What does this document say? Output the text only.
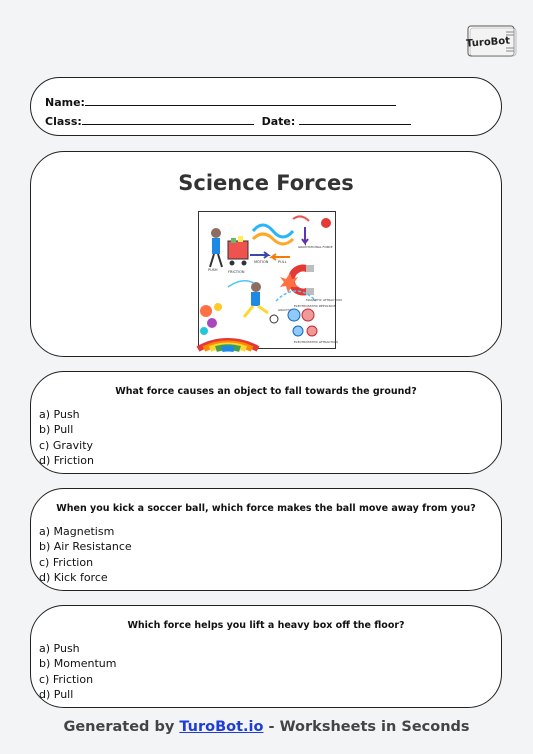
TuroBot
Name:
Class:	Date:
Science Forces
PUSH
MOTION	PULL
FRICTION
GRAVITATIONAL FORCE
MAGNETIC ATTRACTION
ELECTROSTATIC REPULSION
GRAVITY
ELECTROSTATIC ATTRACTION
What force causes an object to fall towards the ground?
a) Push
b) Pull
c) Gravity
d) Friction
When you kick a soccer ball, which force makes the ball move away from you?
a) Magnetism
b) Air Resistance
c) Friction
d) Kick force
Which force helps you lift a heavy box off the floor?
a) Push
b) Momentum
c) Friction
d) Pull
Generated by TuroBot.io - Worksheets in Seconds
